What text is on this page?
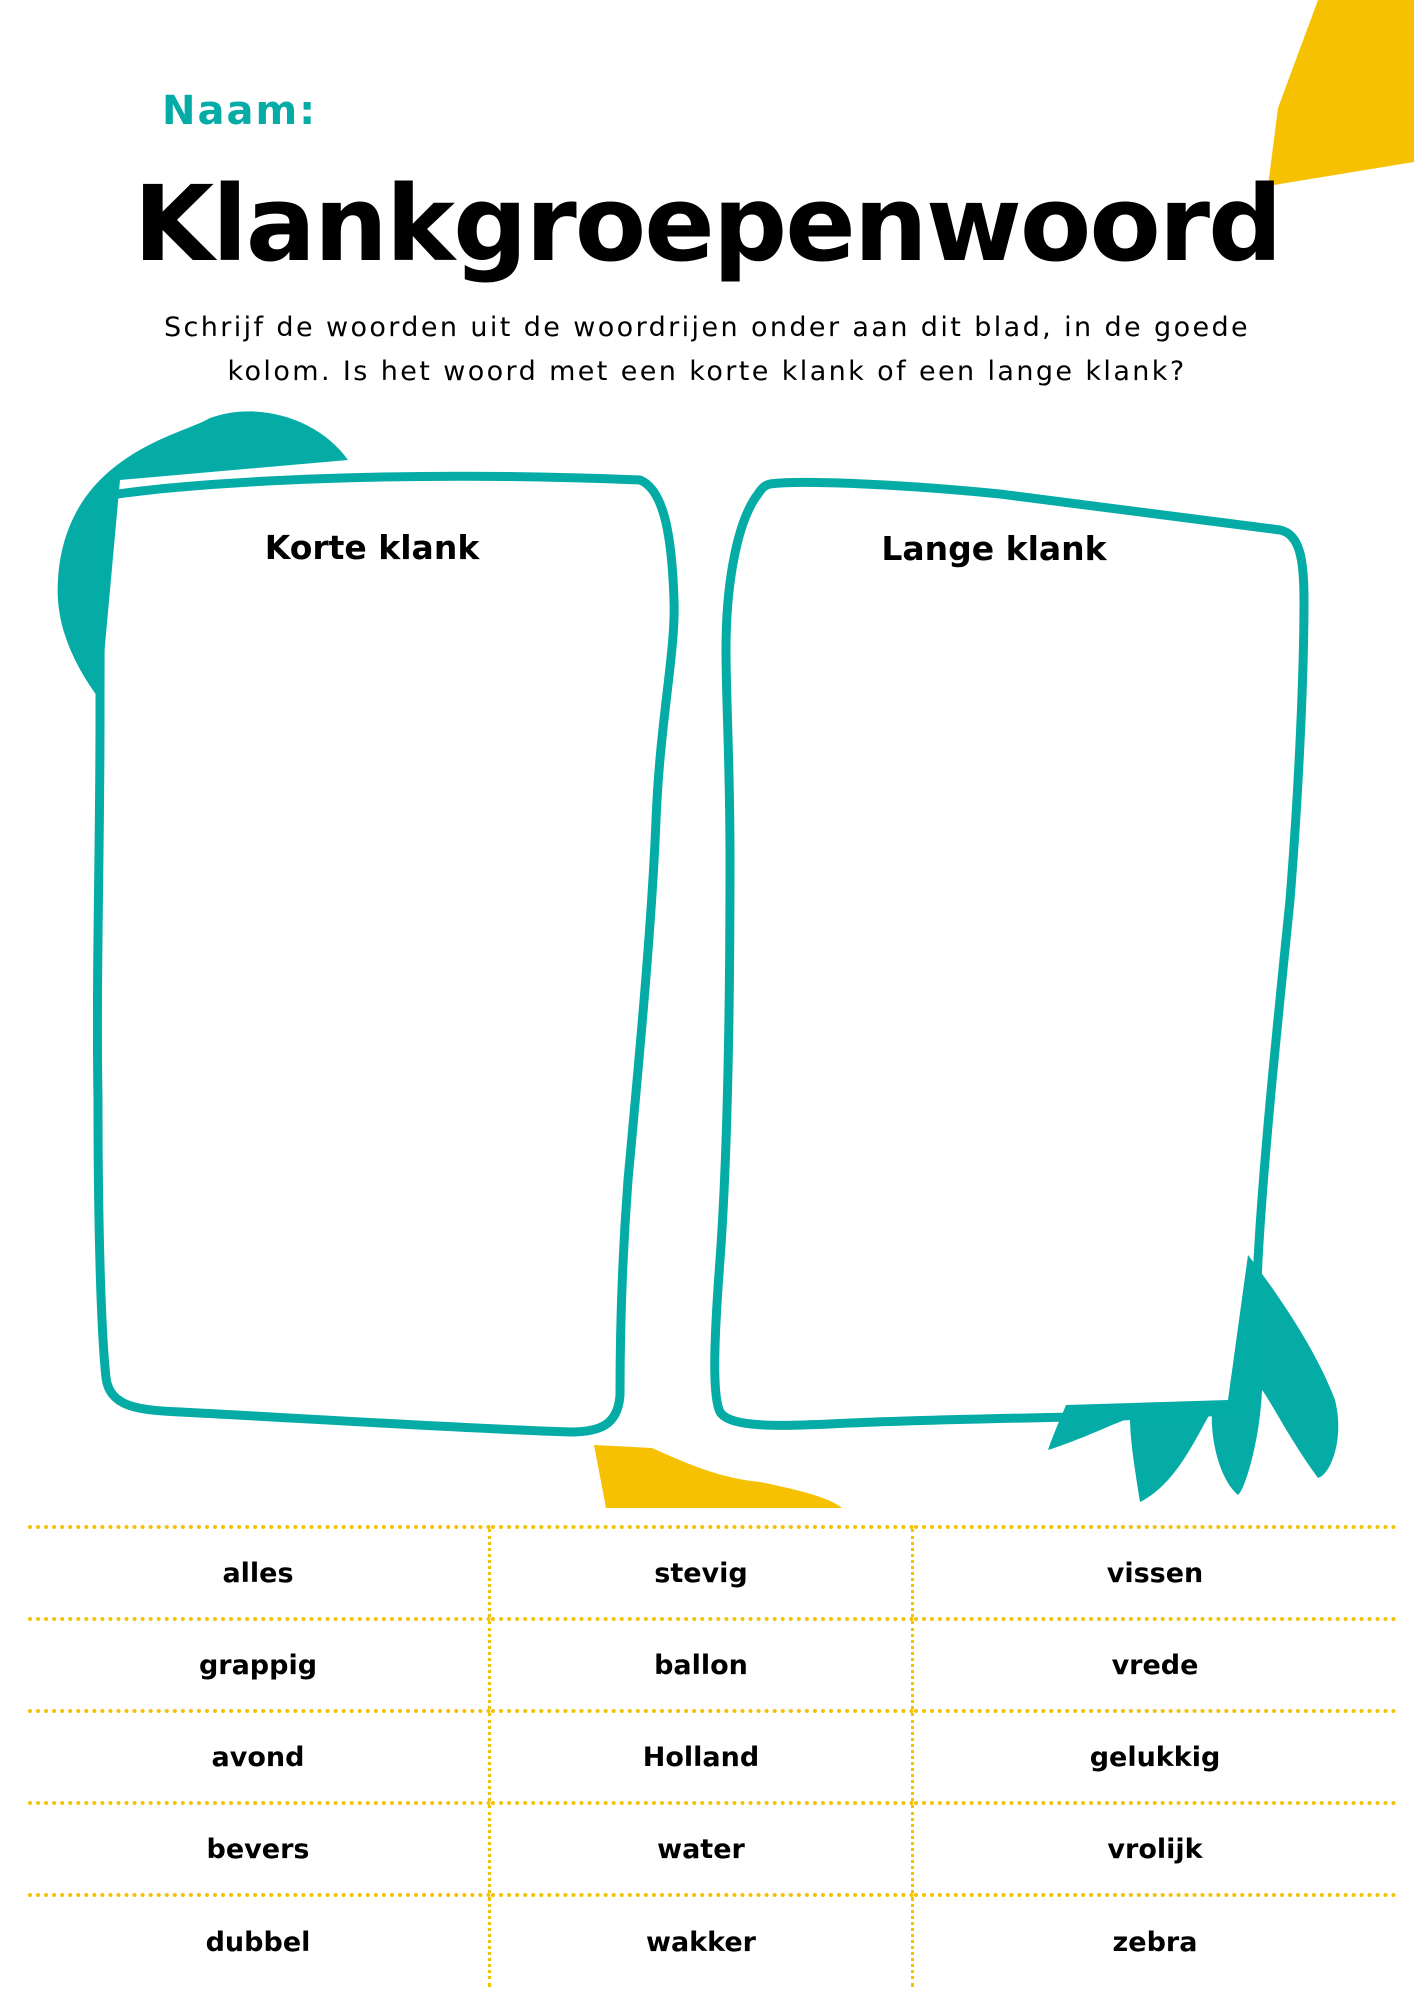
Naam:

Klankgroepenwoord

Schrijf de woorden uit de woordrijen onder aan dit blad, in de goede kolom. Is het woord met een korte klank of een lange klank?

Korte klank	Lange klank
alles	stevig	vissen
grappig	ballon	vrede
avond	Holland	gelukkig
bevers	water	vrolijk
dubbel	wakker	zebra
